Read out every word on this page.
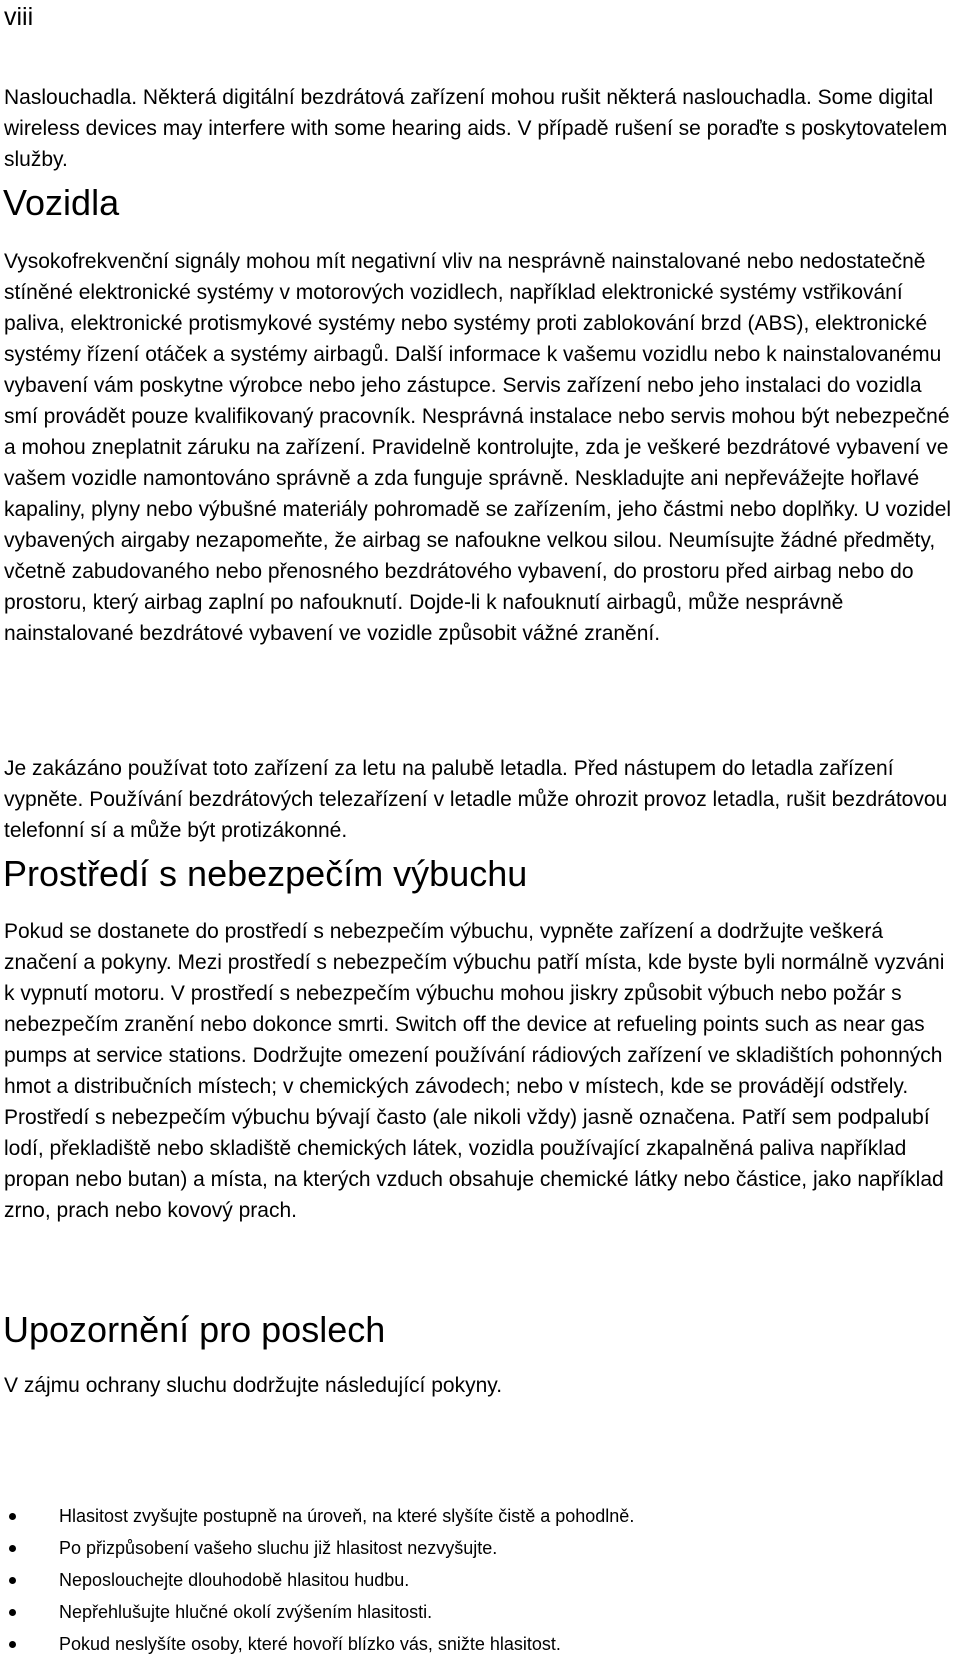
viii

Naslouchadla. Některá digitální bezdrátová zařízení mohou rušit některá naslouchadla. Some digital wireless devices may interfere with some hearing aids. V případě rušení se poraďte s poskytovatelem služby.

Vozidla

Vysokofrekvenční signály mohou mít negativní vliv na nesprávně nainstalované nebo nedostatečně stíněné elektronické systémy v motorových vozidlech, například elektronické systémy vstřikování paliva, elektronické protismykové systémy nebo systémy proti zablokování brzd (ABS), elektronické systémy řízení otáček a systémy airbagů. Další informace k vašemu vozidlu nebo k nainstalovanému vybavení vám poskytne výrobce nebo jeho zástupce. Servis zařízení nebo jeho instalaci do vozidla smí provádět pouze kvalifikovaný pracovník. Nesprávná instalace nebo servis mohou být nebezpečné a mohou zneplatnit záruku na zařízení. Pravidelně kontrolujte, zda je veškeré bezdrátové vybavení ve vašem vozidle namontováno správně a zda funguje správně. Neskladujte ani nepřevážejte hořlavé kapaliny, plyny nebo výbušné materiály pohromadě se zařízením, jeho částmi nebo doplňky. U vozidel vybavených airgaby nezapomeňte, že airbag se nafoukne velkou silou. Neumísujte žádné předměty, včetně zabudovaného nebo přenosného bezdrátového vybavení, do prostoru před airbag nebo do prostoru, který airbag zaplní po nafouknutí. Dojde-li k nafouknutí airbagů, může nesprávně nainstalované bezdrátové vybavení ve vozidle způsobit vážné zranění.

Je zakázáno používat toto zařízení za letu na palubě letadla. Před nástupem do letadla zařízení vypněte. Používání bezdrátových telezařízení v letadle může ohrozit provoz letadla, rušit bezdrátovou telefonní sí a může být protizákonné.

Prostředí s nebezpečím výbuchu

Pokud se dostanete do prostředí s nebezpečím výbuchu, vypněte zařízení a dodržujte veškerá značení a pokyny. Mezi prostředí s nebezpečím výbuchu patří místa, kde byste byli normálně vyzváni k vypnutí motoru. V prostředí s nebezpečím výbuchu mohou jiskry způsobit výbuch nebo požár s nebezpečím zranění nebo dokonce smrti. Switch off the device at refueling points such as near gas pumps at service stations. Dodržujte omezení používání rádiových zařízení ve skladištích pohonných hmot a distribučních místech; v chemických závodech; nebo v místech, kde se provádějí odstřely. Prostředí s nebezpečím výbuchu bývají často (ale nikoli vždy) jasně označena. Patří sem podpalubí lodí, překladiště nebo skladiště chemických látek, vozidla používající zkapalněná paliva například propan nebo butan) a místa, na kterých vzduch obsahuje chemické látky nebo částice, jako například zrno, prach nebo kovový prach.

Upozornění pro poslech

V zájmu ochrany sluchu dodržujte následující pokyny.

Hlasitost zvyšujte postupně na úroveň, na které slyšíte čistě a pohodlně.
Po přizpůsobení vašeho sluchu již hlasitost nezvyšujte.
Neposlouchejte dlouhodobě hlasitou hudbu.
Nepřehlušujte hlučné okolí zvýšením hlasitosti.
Pokud neslyšíte osoby, které hovoří blízko vás, snižte hlasitost.
